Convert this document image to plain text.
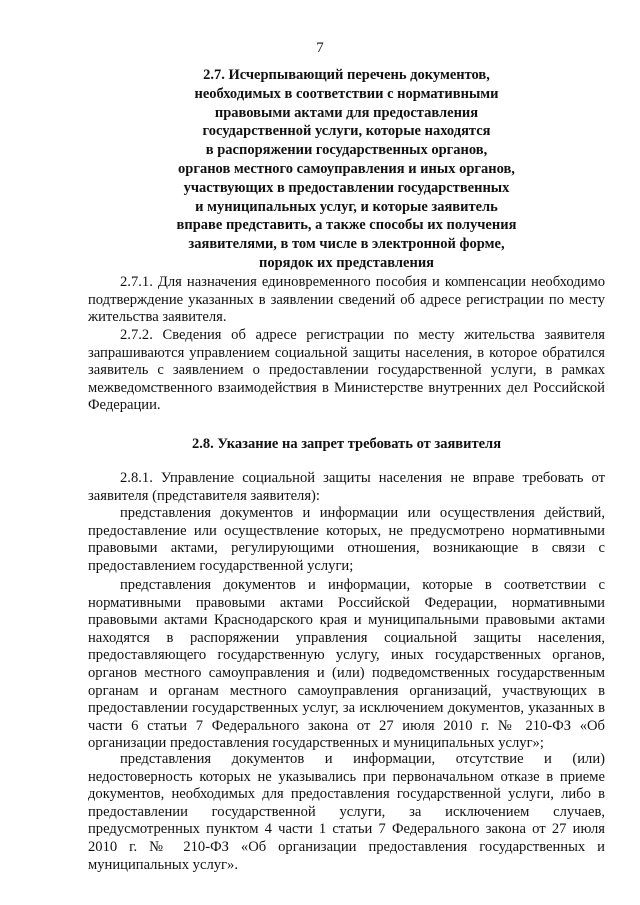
7
2.7. Исчерпывающий перечень документов,
необходимых в соответствии с нормативными
правовыми актами для предоставления
государственной услуги, которые находятся
в распоряжении государственных органов,
органов местного самоуправления и иных органов,
участвующих в предоставлении государственных
и муниципальных услуг, и которые заявитель
вправе представить, а также способы их получения
заявителями, в том числе в электронной форме,
порядок их представления

2.7.1. Для назначения единовременного пособия и компенсации необходимо подтверждение указанных в заявлении сведений об адресе регистрации по месту жительства заявителя.

2.7.2. Сведения об адресе регистрации по месту жительства заявителя запрашиваются управлением социальной защиты населения, в которое обратился заявитель с заявлением о предоставлении государственной услуги, в рамках межведомственного взаимодействия в Министерстве внутренних дел Российской Федерации.

2.8. Указание на запрет требовать от заявителя

2.8.1. Управление социальной защиты населения не вправе требовать от заявителя (представителя заявителя):

представления документов и информации или осуществления действий, предоставление или осуществление которых, не предусмотрено нормативными правовыми актами, регулирующими отношения, возникающие в связи с предоставлением государственной услуги;

представления документов и информации, которые в соответствии с нормативными правовыми актами Российской Федерации, нормативными правовыми актами Краснодарского края и муниципальными правовыми актами находятся в распоряжении управления социальной защиты населения, предоставляющего государственную услугу, иных государственных органов, органов местного самоуправления и (или) подведомственных государственным органам и органам местного самоуправления организаций, участвующих в предоставлении государственных услуг, за исключением документов, указанных в части 6 статьи 7 Федерального закона от 27 июля 2010 г. № 210-ФЗ «Об организации предоставления государственных и муниципальных услуг»;

представления документов и информации, отсутствие и (или) недостоверность которых не указывались при первоначальном отказе в приеме документов, необходимых для предоставления государственной услуги, либо в предоставлении государственной услуги, за исключением случаев, предусмотренных пунктом 4 части 1 статьи 7 Федерального закона от 27 июля 2010 г. № 210-ФЗ «Об организации предоставления государственных и муниципальных услуг».
